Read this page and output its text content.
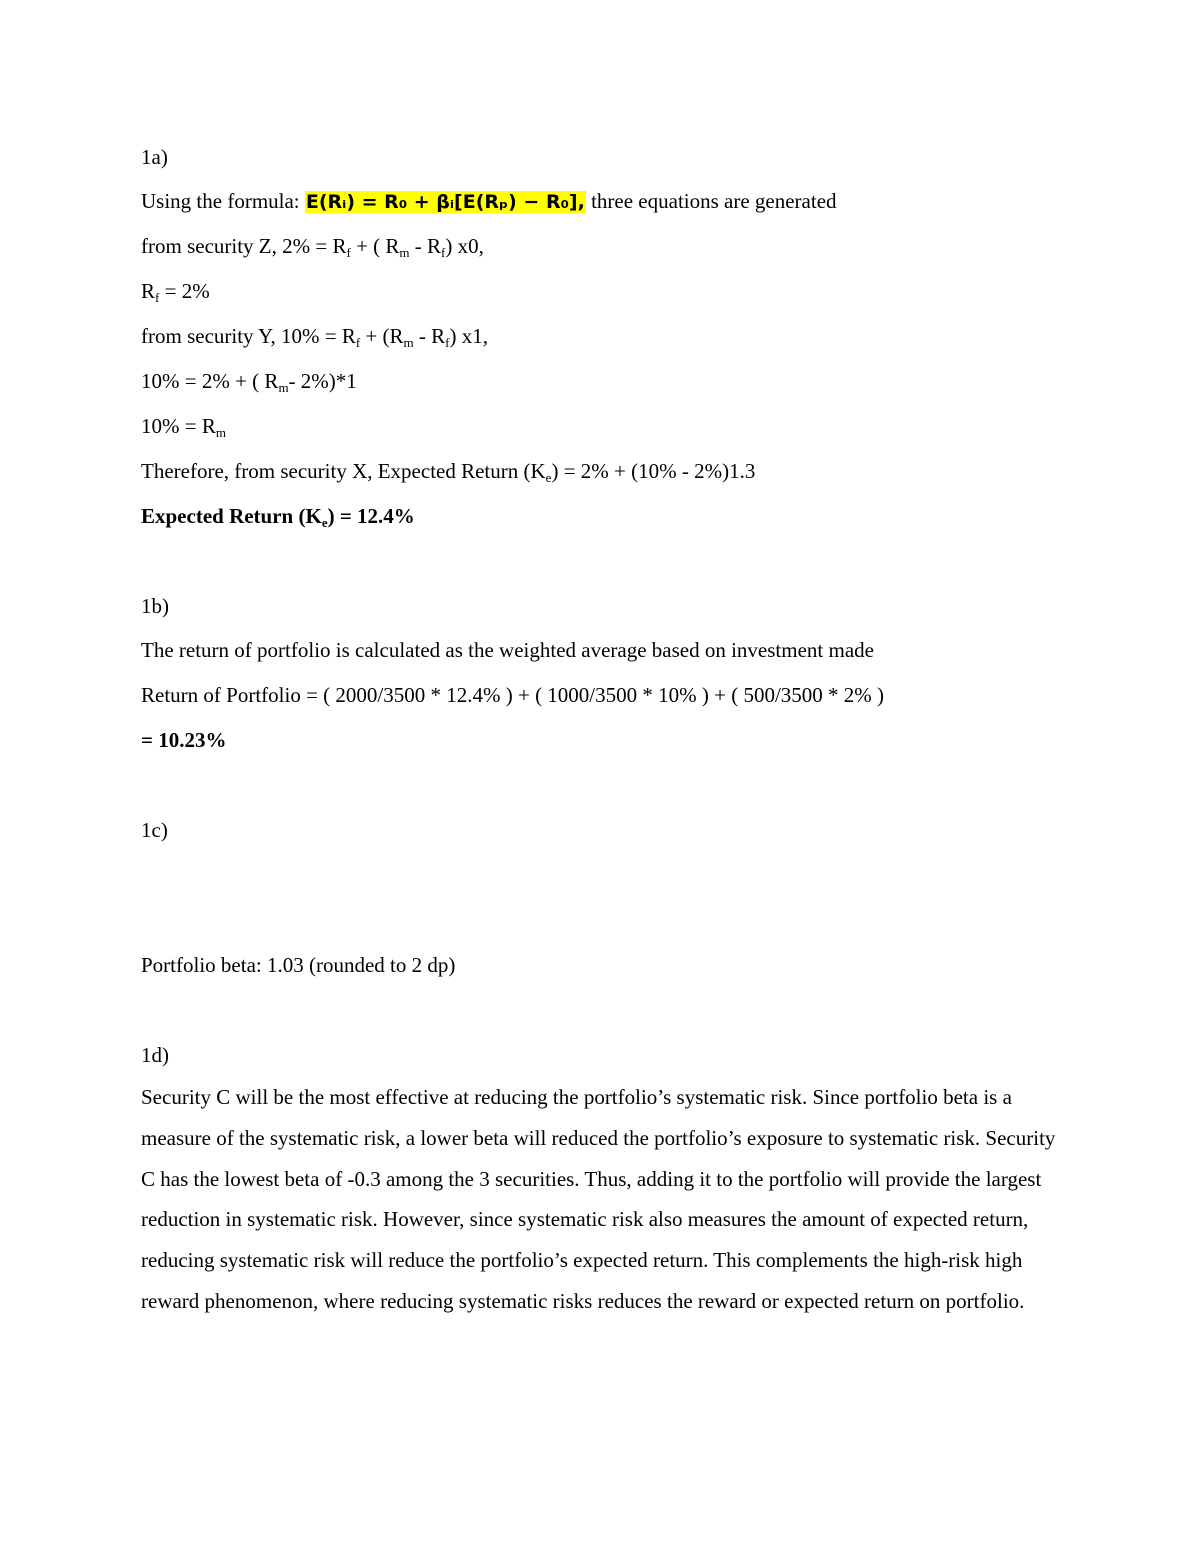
1a)
Using the formula: E(Rᵢ) = R₀ + βᵢ[E(Rₚ) − R₀], three equations are generated
from security Z, $2\% = R_f$ + ( $R_m - R_f$) x0,
$R_f = 2\%$
from security Y, $10\% = R_f + (R_m - R_f)$ x1,
10% = 2% + ( $R_m-$ 2%)*1
$10\% = R_m$
Therefore, from security X, Expected Return $(K_e) = 2\% + (10\% - 2\%)1.3$
Expected Return $(K_e) = 12.4\%$
1b)
The return of portfolio is calculated as the weighted average based on investment made
Return of Portfolio = ( 2000/3500 * 12.4% ) + ( 1000/3500 * 10% ) + ( 500/3500 * 2% )
= 10.23%
1c)
Portfolio beta: 1.03 (rounded to 2 dp)
1d)
Security C will be the most effective at reducing the portfolio’s systematic risk. Since portfolio beta is a measure of the systematic risk, a lower beta will reduced the portfolio’s exposure to systematic risk. Security C has the lowest beta of -0.3 among the 3 securities. Thus, adding it to the portfolio will provide the largest reduction in systematic risk. However, since systematic risk also measures the amount of expected return, reducing systematic risk will reduce the portfolio’s expected return. This complements the high-risk high reward phenomenon, where reducing systematic risks reduces the reward or expected return on portfolio.
